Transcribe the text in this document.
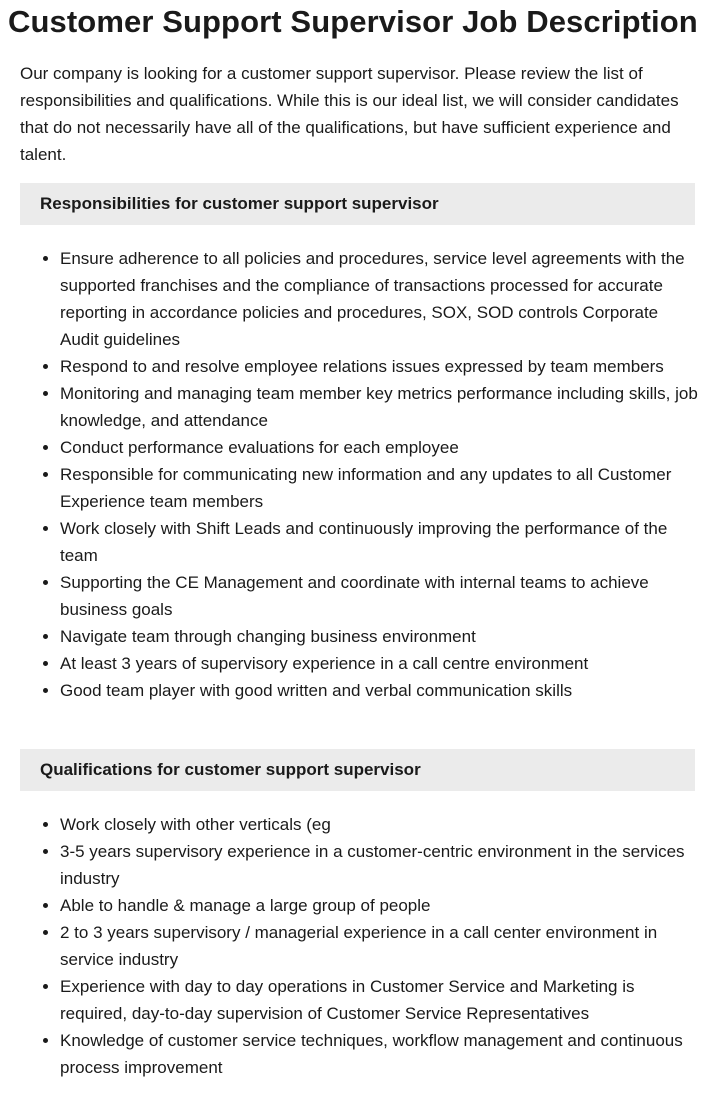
Customer Support Supervisor Job Description

Our company is looking for a customer support supervisor. Please review the list of responsibilities and qualifications. While this is our ideal list, we will consider candidates that do not necessarily have all of the qualifications, but have sufficient experience and talent.

Responsibilities for customer support supervisor
• Ensure adherence to all policies and procedures, service level agreements with the supported franchises and the compliance of transactions processed for accurate reporting in accordance policies and procedures, SOX, SOD controls Corporate Audit guidelines
• Respond to and resolve employee relations issues expressed by team members
• Monitoring and managing team member key metrics performance including skills, job knowledge, and attendance
• Conduct performance evaluations for each employee
• Responsible for communicating new information and any updates to all Customer Experience team members
• Work closely with Shift Leads and continuously improving the performance of the team
• Supporting the CE Management and coordinate with internal teams to achieve business goals
• Navigate team through changing business environment
• At least 3 years of supervisory experience in a call centre environment
• Good team player with good written and verbal communication skills
Qualifications for customer support supervisor
• Work closely with other verticals (eg
• 3-5 years supervisory experience in a customer-centric environment in the services industry
• Able to handle & manage a large group of people
• 2 to 3 years supervisory / managerial experience in a call center environment in service industry
• Experience with day to day operations in Customer Service and Marketing is required, day-to-day supervision of Customer Service Representatives
• Knowledge of customer service techniques, workflow management and continuous process improvement
